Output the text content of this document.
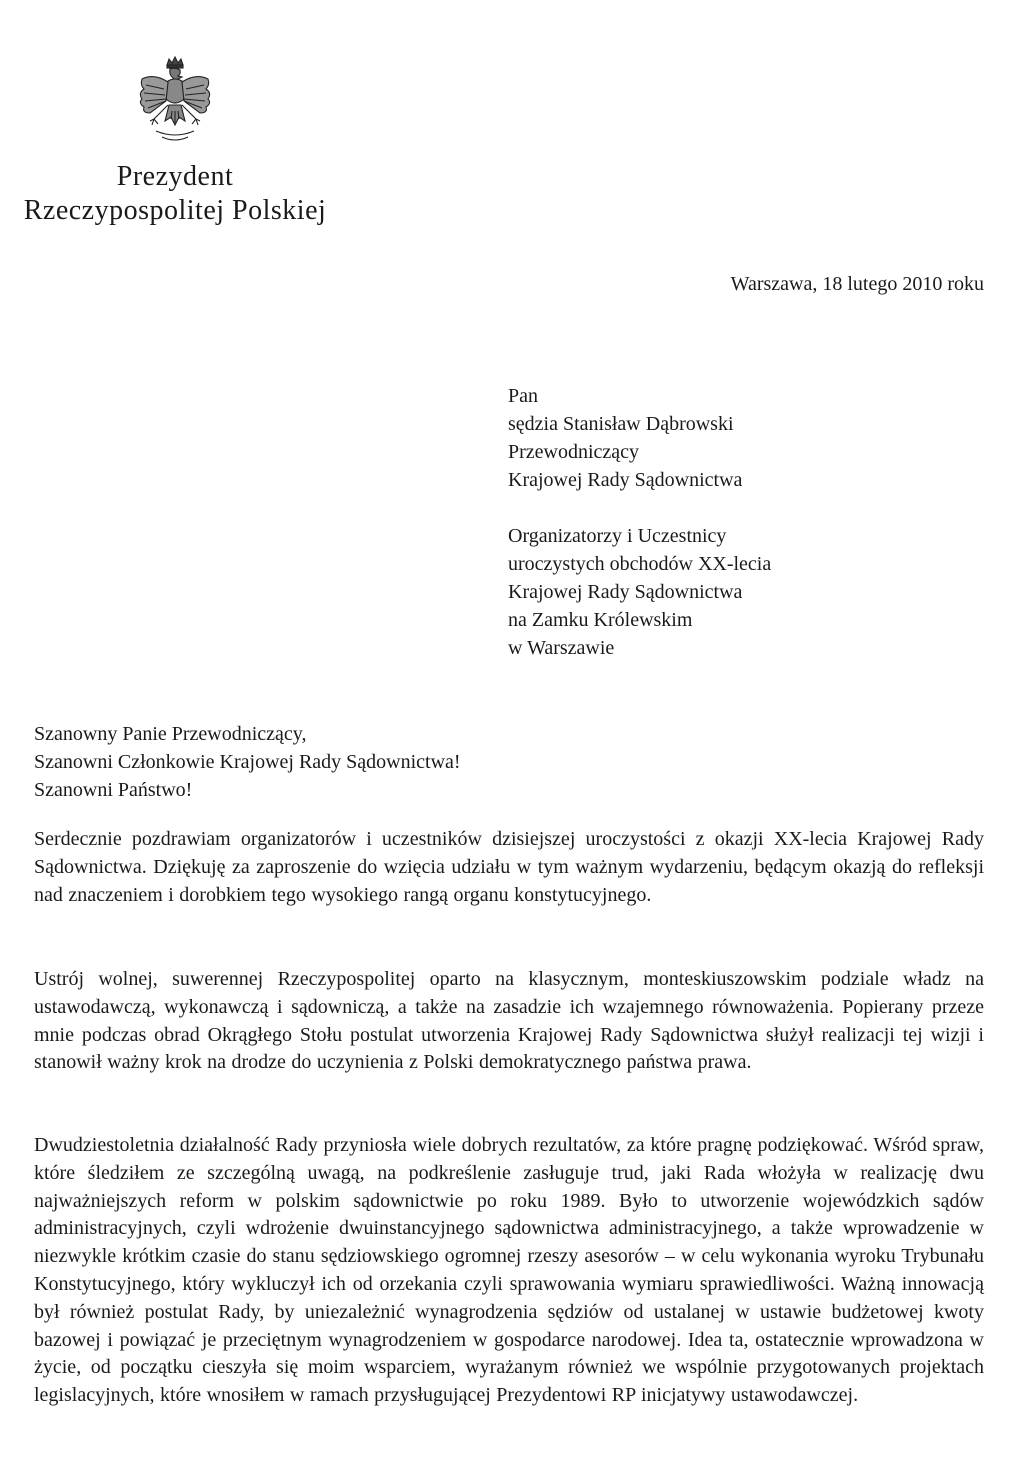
Prezydent
Rzeczypospolitej Polskiej
Warszawa, 18 lutego 2010 roku
Pan
sędzia Stanisław Dąbrowski
Przewodniczący
Krajowej Rady Sądownictwa
Organizatorzy i Uczestnicy
uroczystych obchodów XX-lecia
Krajowej Rady Sądownictwa
na Zamku Królewskim
w Warszawie
Szanowny Panie Przewodniczący,
Szanowni Członkowie Krajowej Rady Sądownictwa!
Szanowni Państwo!
Serdecznie pozdrawiam organizatorów i uczestników dzisiejszej uroczystości z okazji XX-lecia Krajowej Rady Sądownictwa. Dziękuję za zaproszenie do wzięcia udziału w tym ważnym wydarzeniu, będącym okazją do refleksji nad znaczeniem i dorobkiem tego wysokiego rangą organu konstytucyjnego.
Ustrój wolnej, suwerennej Rzeczypospolitej oparto na klasycznym, monteskiuszowskim podziale władz na ustawodawczą, wykonawczą i sądowniczą, a także na zasadzie ich wzajemnego równoważenia. Popierany przeze mnie podczas obrad Okrągłego Stołu postulat utworzenia Krajowej Rady Sądownictwa służył realizacji tej wizji i stanowił ważny krok na drodze do uczynienia z Polski demokratycznego państwa prawa.
Dwudziestoletnia działalność Rady przyniosła wiele dobrych rezultatów, za które pragnę podziękować. Wśród spraw, które śledziłem ze szczególną uwagą, na podkreślenie zasługuje trud, jaki Rada włożyła w realizację dwu najważniejszych reform w polskim sądownictwie po roku 1989. Było to utworzenie wojewódzkich sądów administracyjnych, czyli wdrożenie dwuinstancyjnego sądownictwa administracyjnego, a także wprowadzenie w niezwykle krótkim czasie do stanu sędziowskiego ogromnej rzeszy asesorów – w celu wykonania wyroku Trybunału Konstytucyjnego, który wykluczył ich od orzekania czyli sprawowania wymiaru sprawiedliwości. Ważną innowacją był również postulat Rady, by uniezależnić wynagrodzenia sędziów od ustalanej w ustawie budżetowej kwoty bazowej i powiązać je przeciętnym wynagrodzeniem w gospodarce narodowej. Idea ta, ostatecznie wprowadzona w życie, od początku cieszyła się moim wsparciem, wyrażanym również we wspólnie przygotowanych projektach legislacyjnych, które wnosiłem w ramach przysługującej Prezydentowi RP inicjatywy ustawodawczej.
